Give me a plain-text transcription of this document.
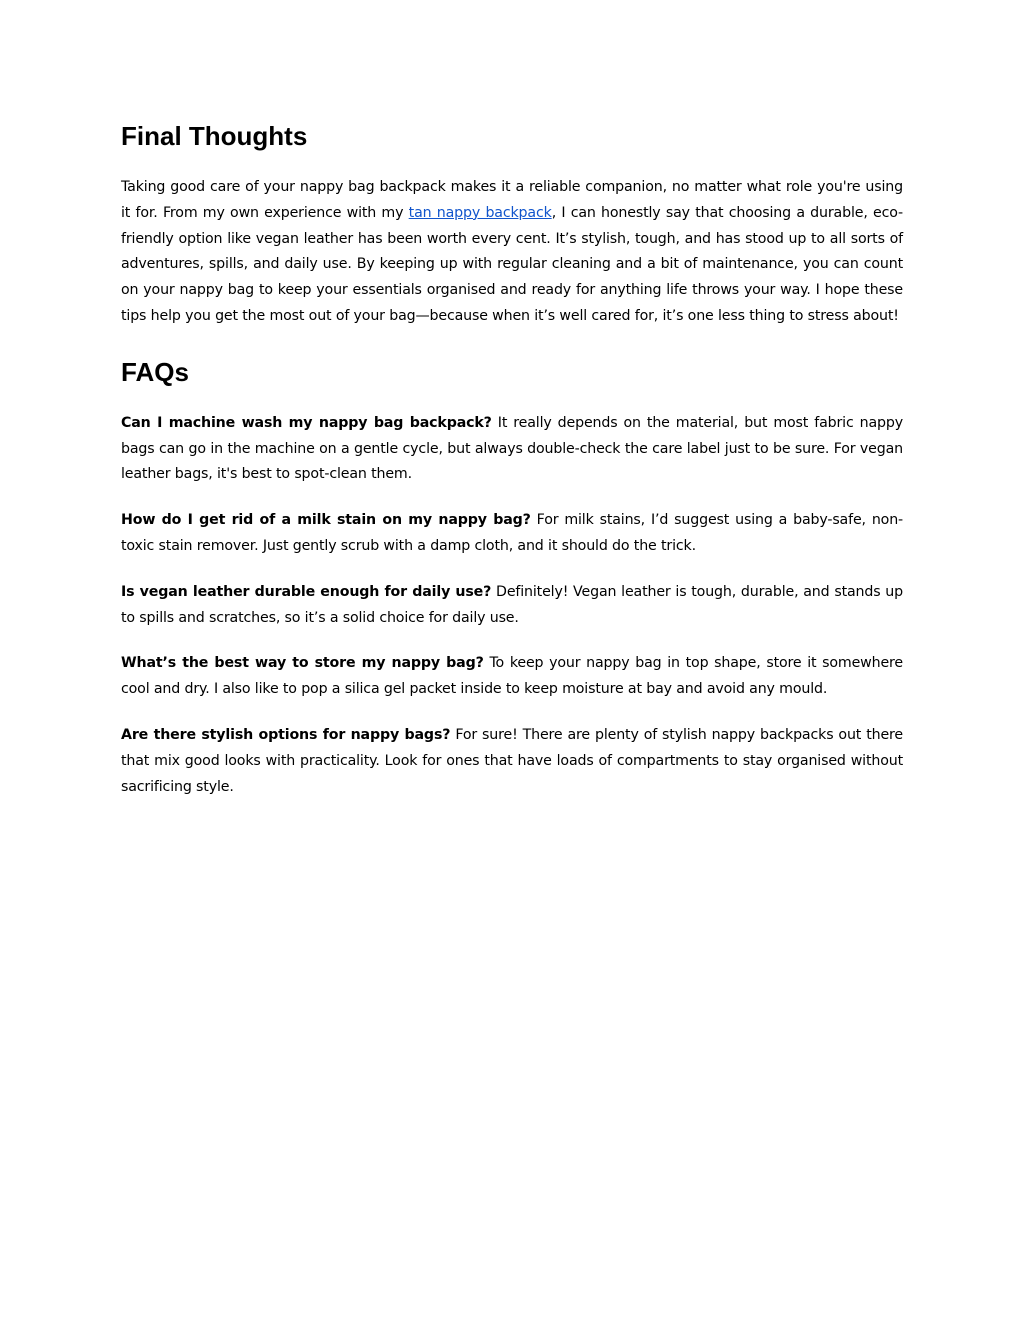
Final Thoughts

Taking good care of your nappy bag backpack makes it a reliable companion, no matter what role you're using it for. From my own experience with my tan nappy backpack, I can honestly say that choosing a durable, eco-friendly option like vegan leather has been worth every cent. It’s stylish, tough, and has stood up to all sorts of adventures, spills, and daily use. By keeping up with regular cleaning and a bit of maintenance, you can count on your nappy bag to keep your essentials organised and ready for anything life throws your way. I hope these tips help you get the most out of your bag—because when it’s well cared for, it’s one less thing to stress about!

FAQs

Can I machine wash my nappy bag backpack? It really depends on the material, but most fabric nappy bags can go in the machine on a gentle cycle, but always double-check the care label just to be sure. For vegan leather bags, it's best to spot-clean them.

How do I get rid of a milk stain on my nappy bag? For milk stains, I’d suggest using a baby-safe, non-toxic stain remover. Just gently scrub with a damp cloth, and it should do the trick.

Is vegan leather durable enough for daily use? Definitely! Vegan leather is tough, durable, and stands up to spills and scratches, so it’s a solid choice for daily use.

What’s the best way to store my nappy bag? To keep your nappy bag in top shape, store it somewhere cool and dry. I also like to pop a silica gel packet inside to keep moisture at bay and avoid any mould.

Are there stylish options for nappy bags? For sure! There are plenty of stylish nappy backpacks out there that mix good looks with practicality. Look for ones that have loads of compartments to stay organised without sacrificing style.
